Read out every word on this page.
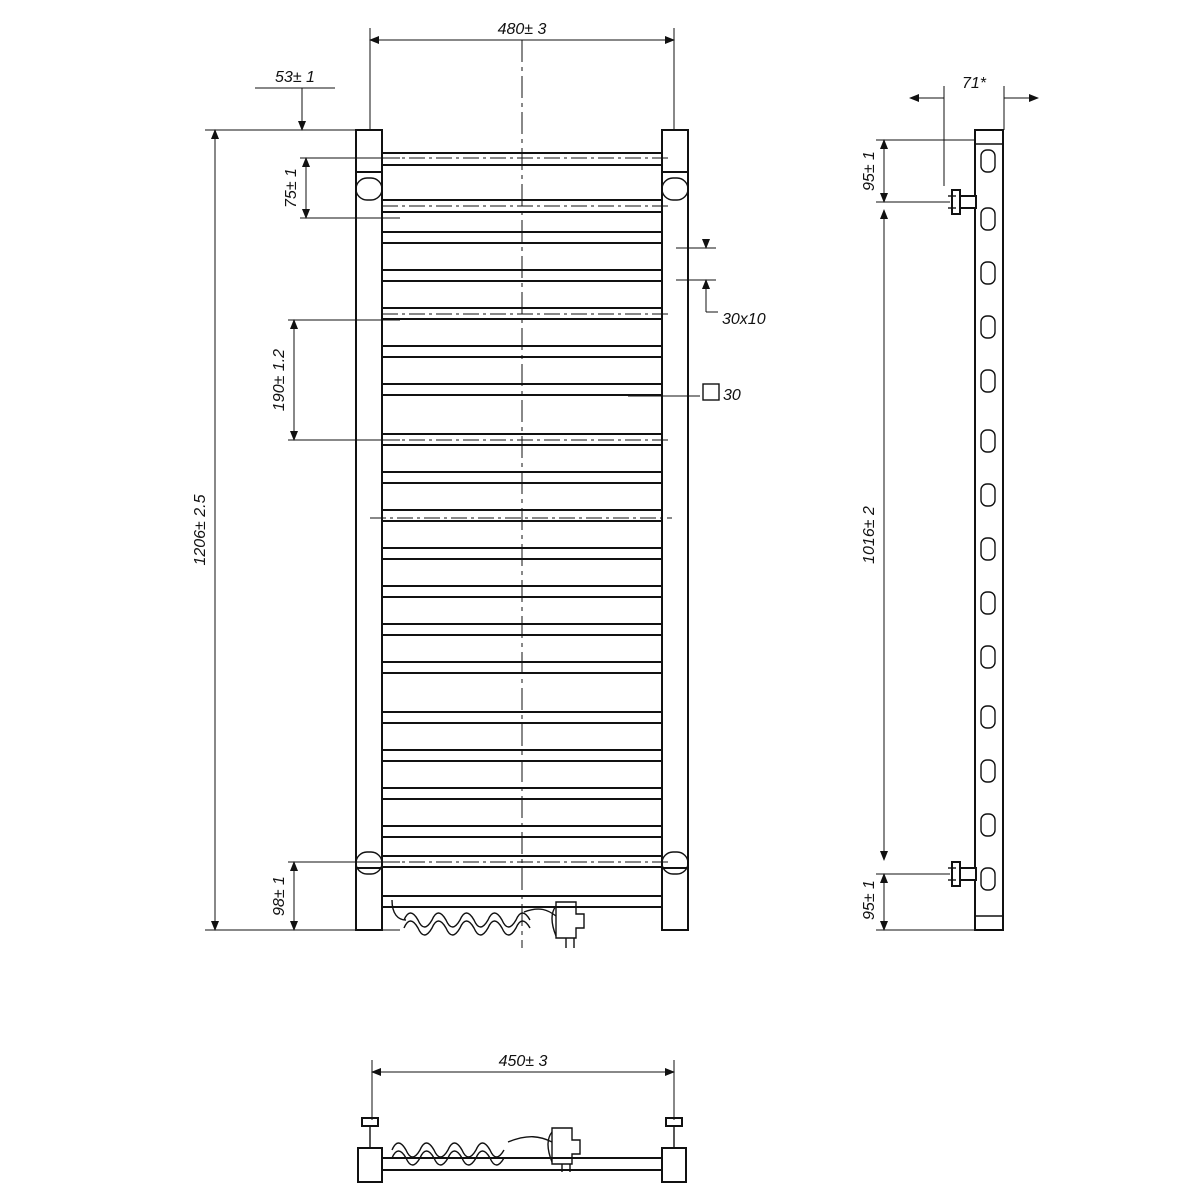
480± 3
53± 1
75± 1
1206± 2.5
190± 1.2
98± 1
30x10
30
71*
95± 1
1016± 2
95± 1
450± 3
